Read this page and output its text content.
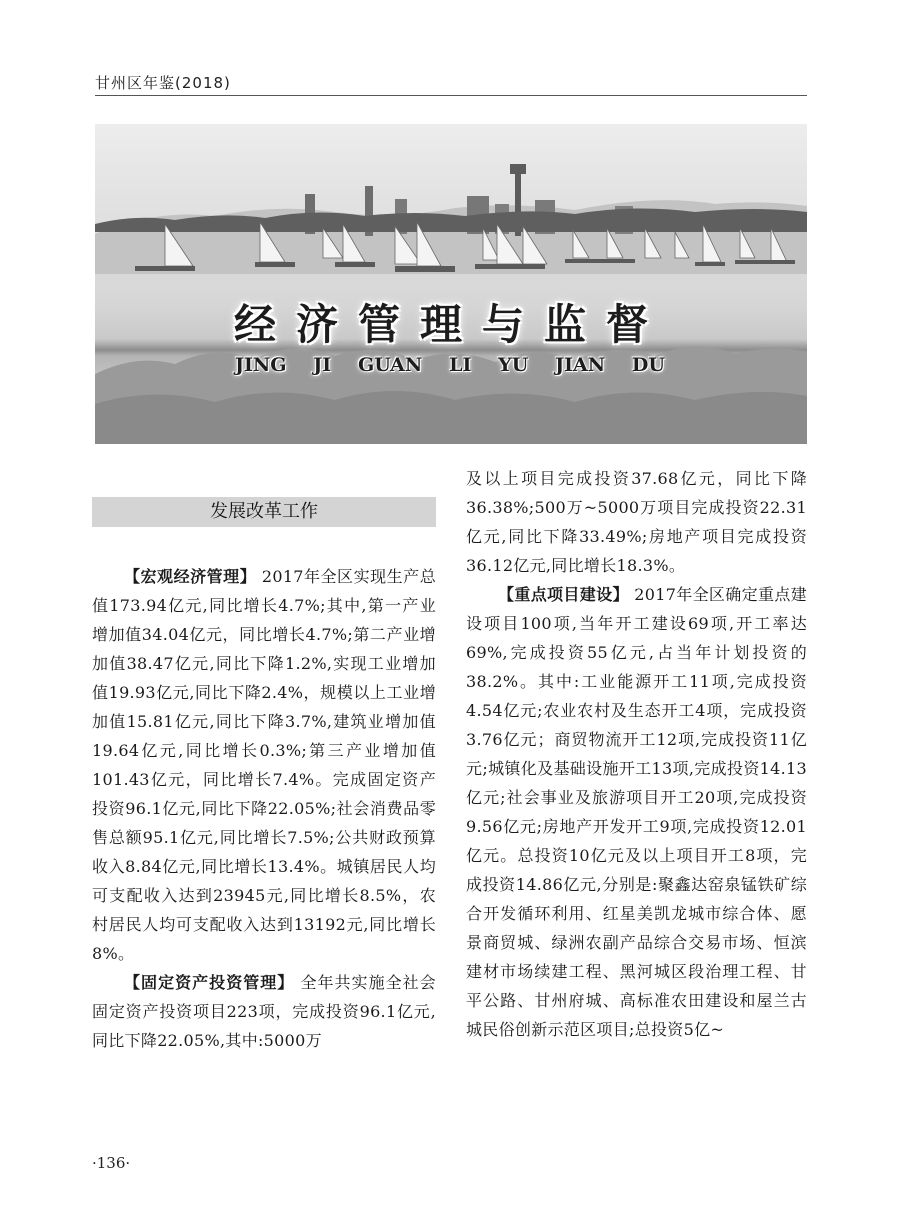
甘州区年鉴(2018)
经济管理与监督
JING JI GUAN LI YU JIAN DU
发展改革工作

【宏观经济管理】 2017年全区实现生产总值173.94亿元,同比增长4.7%;其中,第一产业增加值34.04亿元，同比增长4.7%;第二产业增加值38.47亿元,同比下降1.2%,实现工业增加值19.93亿元,同比下降2.4%，规模以上工业增加值15.81亿元,同比下降3.7%,建筑业增加值19.64亿元,同比增长0.3%;第三产业增加值101.43亿元，同比增长7.4%。完成固定资产投资96.1亿元,同比下降22.05%;社会消费品零售总额95.1亿元,同比增长7.5%;公共财政预算收入8.84亿元,同比增长13.4%。城镇居民人均可支配收入达到23945元,同比增长8.5%，农村居民人均可支配收入达到13192元,同比增长8%。

【固定资产投资管理】 全年共实施全社会固定资产投资项目223项，完成投资96.1亿元,同比下降22.05%,其中:5000万

及以上项目完成投资37.68亿元，同比下降36.38%;500万~5000万项目完成投资22.31亿元,同比下降33.49%;房地产项目完成投资36.12亿元,同比增长18.3%。

【重点项目建设】 2017年全区确定重点建设项目100项,当年开工建设69项,开工率达69%,完成投资55亿元,占当年计划投资的38.2%。其中:工业能源开工11项,完成投资4.54亿元;农业农村及生态开工4项，完成投资3.76亿元；商贸物流开工12项,完成投资11亿元;城镇化及基础设施开工13项,完成投资14.13亿元;社会事业及旅游项目开工20项,完成投资9.56亿元;房地产开发开工9项,完成投资12.01亿元。总投资10亿元及以上项目开工8项，完成投资14.86亿元,分别是:聚鑫达窑泉锰铁矿综合开发循环利用、红星美凯龙城市综合体、愿景商贸城、绿洲农副产品综合交易市场、恒滨建材市场续建工程、黑河城区段治理工程、甘平公路、甘州府城、高标准农田建设和屋兰古城民俗创新示范区项目;总投资5亿~

·136·
